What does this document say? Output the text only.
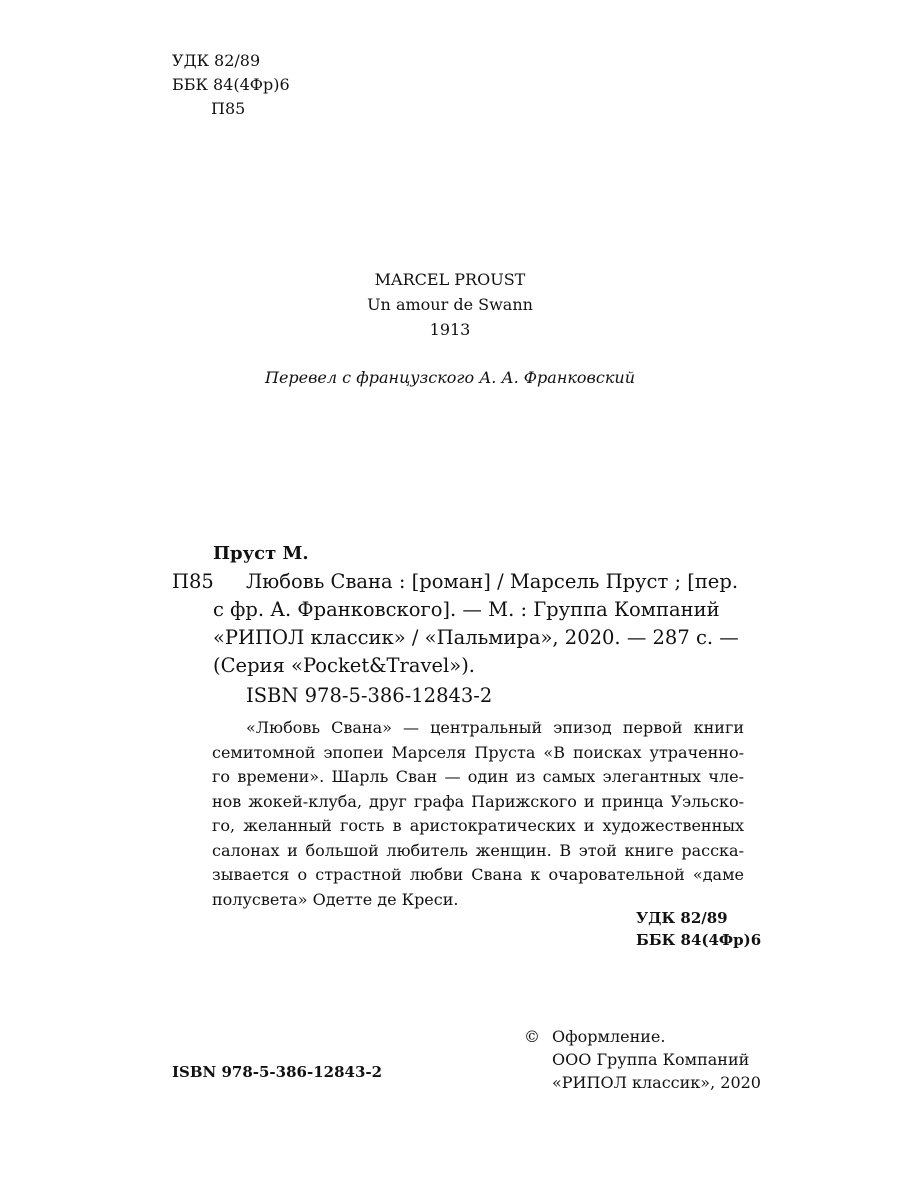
УДК 82/89
ББК 84(4Фр)6
П85
MARCEL PROUST
Un amour de Swann
1913
Перевел с французского А. А. Франковский
Пруст М.
П85 Любовь Свана : [роман] / Марсель Пруст ; [пер.
с фр. А. Франковского]. — М. : Группа Компаний
«РИПОЛ классик» / «Пальмира», 2020. — 287 с. —
(Серия «Pocket&Travel»).
ISBN 978-5-386-12843-2
«Любовь Свана» — центральный эпизод первой книги
семитомной эпопеи Марселя Пруста «В поисках утраченно-
го времени». Шарль Сван — один из самых элегантных чле-
нов жокей-клуба, друг графа Парижского и принца Уэльско-
го, желанный гость в аристократических и художественных
салонах и большой любитель женщин. В этой книге расска-
зывается о страстной любви Свана к очаровательной «даме
полусвета» Одетте де Креси.
УДК 82/89
ББК 84(4Фр)6
ISBN 978-5-386-12843-2
© Оформление.
ООО Группа Компаний
«РИПОЛ классик», 2020
